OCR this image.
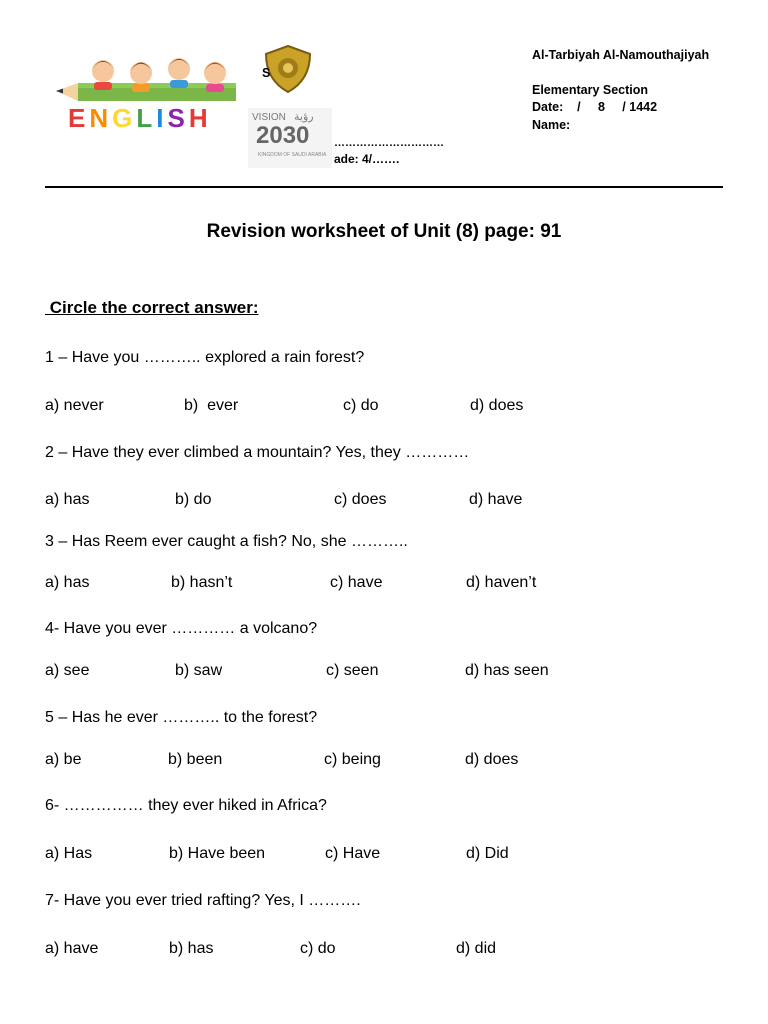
ENGLISH
S
VISION رؤية
2030
KINGDOM OF SAUDI ARABIA
…………………………
ade: 4/…….
Al-Tarbiyah Al-Namouthajiyah
Elementary Section
Date:    /     8     / 1442
Name:
Revision worksheet of Unit (8) page: 91
Circle the correct answer:
1 – Have you ……….. explored a rain forest?
a) never	b)  ever	c) do	d) does
2 – Have they ever climbed a mountain? Yes, they …………
a) has	b) do	c) does	d) have
3 – Has Reem ever caught a fish? No, she ………..
a) has	b) hasn’t	c) have	d) haven’t
4- Have you ever ………… a volcano?
a) see	b) saw	c) seen	d) has seen
5 – Has he ever ……….. to the forest?
a) be	b) been	c) being	d) does
6- …………… they ever hiked in Africa?
a) Has	b) Have been	c) Have	d) Did
7- Have you ever tried rafting? Yes, I ……….
a) have	b) has	c) do	d) did
